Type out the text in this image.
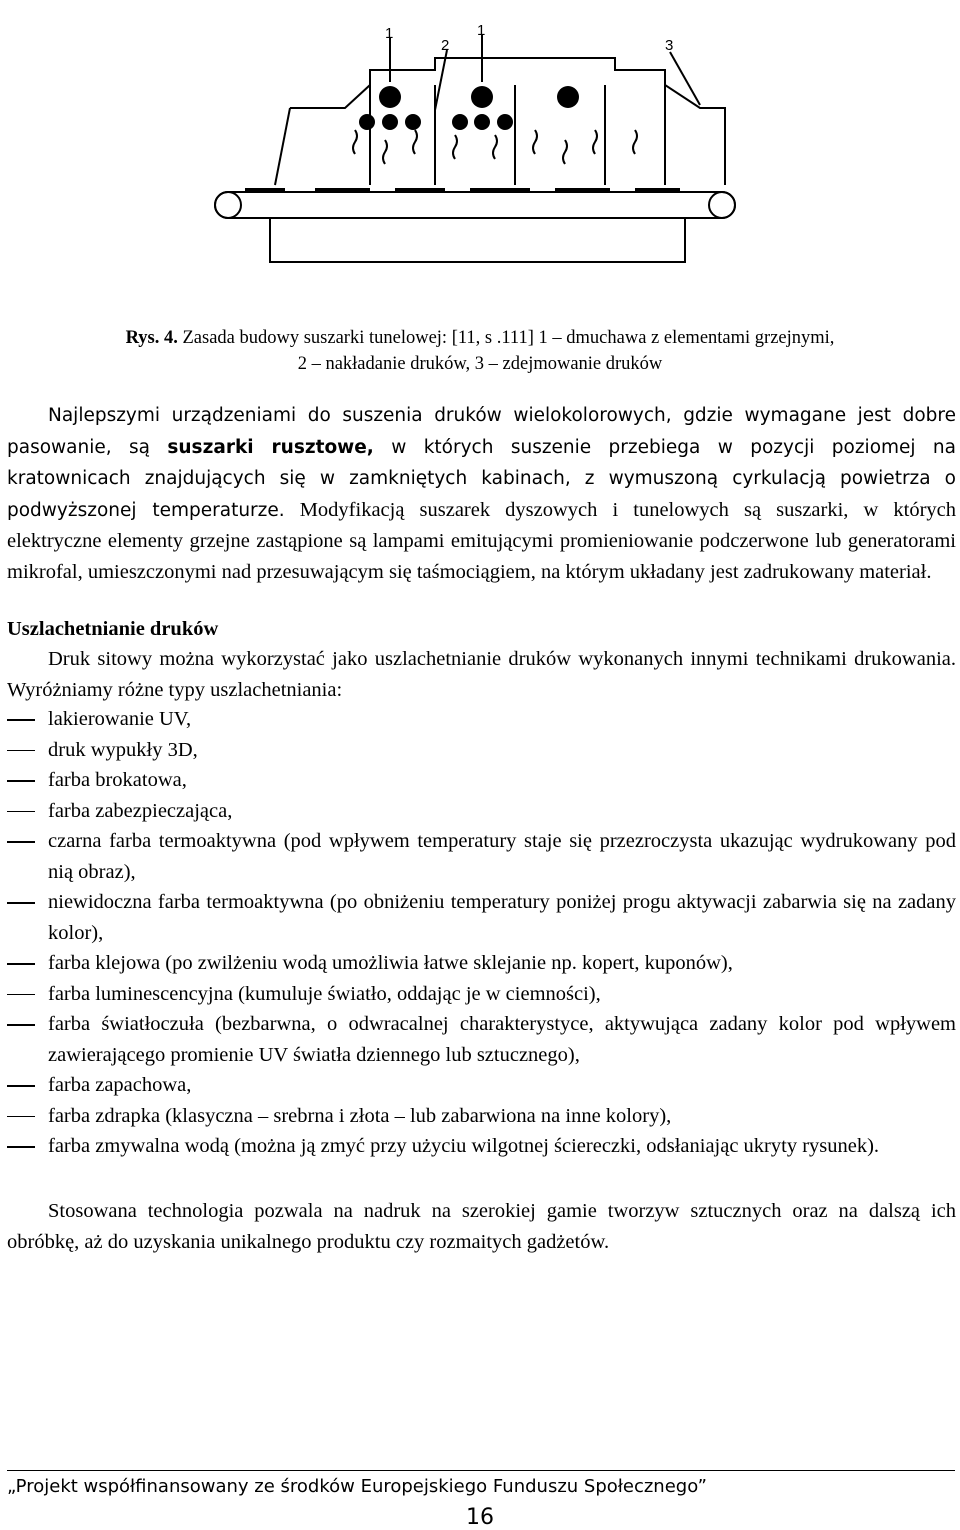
1
2
1
3
Rys. 4. Zasada budowy suszarki tunelowej: [11, s .111] 1 – dmuchawa z elementami grzejnymi,
2 – nakładanie druków, 3 – zdejmowanie druków
Najlepszymi urządzeniami do suszenia druków wielokolorowych, gdzie wymagane jest dobre pasowanie, są suszarki rusztowe, w których suszenie przebiega w pozycji poziomej na kratownicach znajdujących się w zamkniętych kabinach, z wymuszoną cyrkulacją powietrza o podwyższonej temperaturze. Modyfikacją suszarek dyszowych i tunelowych są suszarki, w których elektryczne elementy grzejne zastąpione są lampami emitującymi promieniowanie podczerwone lub generatorami mikrofal, umieszczonymi nad przesuwającym się taśmociągiem, na którym układany jest zadrukowany materiał.
Uszlachetnianie druków
Druk sitowy można wykorzystać jako uszlachetnianie druków wykonanych innymi technikami drukowania. Wyróżniamy różne typy uszlachetniania:
lakierowanie UV,
druk wypukły 3D,
farba brokatowa,
farba zabezpieczająca,
czarna farba termoaktywna (pod wpływem temperatury staje się przezroczysta ukazując wydrukowany pod nią obraz),
niewidoczna farba termoaktywna (po obniżeniu temperatury poniżej progu aktywacji zabarwia się na zadany kolor),
farba klejowa (po zwilżeniu wodą umożliwia łatwe sklejanie np. kopert, kuponów),
farba luminescencyjna (kumuluje światło, oddając je w ciemności),
farba światłoczuła (bezbarwna, o odwracalnej charakterystyce, aktywująca zadany kolor pod wpływem zawierającego promienie UV światła dziennego lub sztucznego),
farba zapachowa,
farba zdrapka (klasyczna – srebrna i złota – lub zabarwiona na inne kolory),
farba zmywalna wodą (można ją zmyć przy użyciu wilgotnej ściereczki, odsłaniając ukryty rysunek).
Stosowana technologia pozwala na nadruk na szerokiej gamie tworzyw sztucznych oraz na dalszą ich obróbkę, aż do uzyskania unikalnego produktu czy rozmaitych gadżetów.
„Projekt współfinansowany ze środków Europejskiego Funduszu Społecznego”
16
